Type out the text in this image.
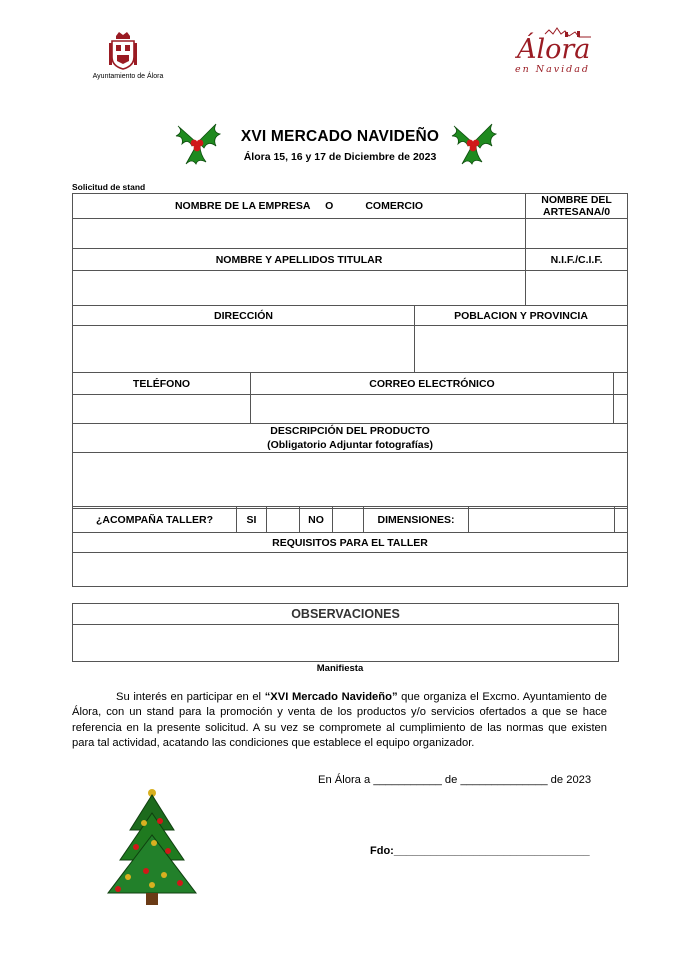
Ayuntamiento de Álora
Álora
en Navidad
XVI MERCADO NAVIDEÑO
Álora 15, 16 y 17 de Diciembre de 2023
Solicitud de stand
NOMBRE DE LA EMPRESA O COMERCIO			NOMBRE DEL ARTESANA/0	

NOMBRE Y APELLIDOS TITULAR			N.I.F./C.I.F.	

DIRECCIÓN		POBLACION Y PROVINCIA		

TELÉFONO	CORREO ELECTRÓNICO			

DESCRIPCIÓN DEL PRODUCTO
(Obligatorio Adjuntar fotografías)				

¿ACOMPAÑA TALLER?	SI		NO		DIMENSIONES:		
REQUISITOS PARA EL TALLER

OBSERVACIONES

Manifiesta

Su interés en participar en el “XVI Mercado Navideño” que organiza el Excmo. Ayuntamiento de Álora, con un stand para la promoción y venta de los productos y/o servicios ofertados a que se hace referencia en la presente solicitud. A su vez se compromete al cumplimiento de las normas que existen para tal actividad, acatando las condiciones que establece el equipo organizador.

En Álora a ___________ de ______________ de 2023
Fdo:________________________________
